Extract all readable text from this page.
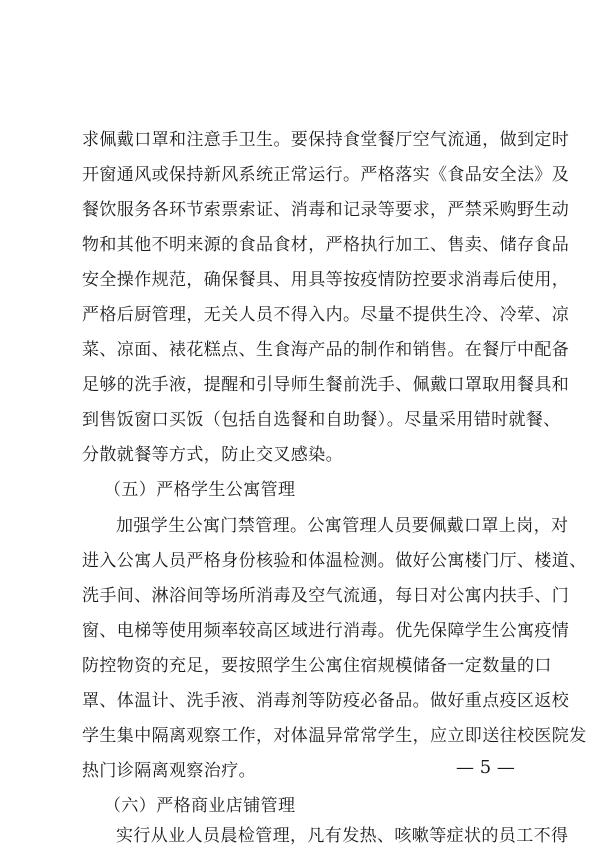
求佩戴口罩和注意手卫生。要保持食堂餐厅空气流通，做到定时
开窗通风或保持新风系统正常运行。严格落实《食品安全法》及
餐饮服务各环节索票索证、消毒和记录等要求，严禁采购野生动
物和其他不明来源的食品食材，严格执行加工、售卖、储存食品
安全操作规范，确保餐具、用具等按疫情防控要求消毒后使用，
严格后厨管理，无关人员不得入内。尽量不提供生冷、冷荤、凉
菜、凉面、裱花糕点、生食海产品的制作和销售。在餐厅中配备
足够的洗手液，提醒和引导师生餐前洗手、佩戴口罩取用餐具和
到售饭窗口买饭（包括自选餐和自助餐）。尽量采用错时就餐、
分散就餐等方式，防止交叉感染。
（五）严格学生公寓管理
加强学生公寓门禁管理。公寓管理人员要佩戴口罩上岗，对
进入公寓人员严格身份核验和体温检测。做好公寓楼门厅、楼道、
洗手间、淋浴间等场所消毒及空气流通，每日对公寓内扶手、门
窗、电梯等使用频率较高区域进行消毒。优先保障学生公寓疫情
防控物资的充足，要按照学生公寓住宿规模储备一定数量的口
罩、体温计、洗手液、消毒剂等防疫必备品。做好重点疫区返校
学生集中隔离观察工作，对体温异常常学生，应立即送往校医院发
热门诊隔离观察治疗。
（六）严格商业店铺管理
实行从业人员晨检管理，凡有发热、咳嗽等症状的员工不得
— 5 —
